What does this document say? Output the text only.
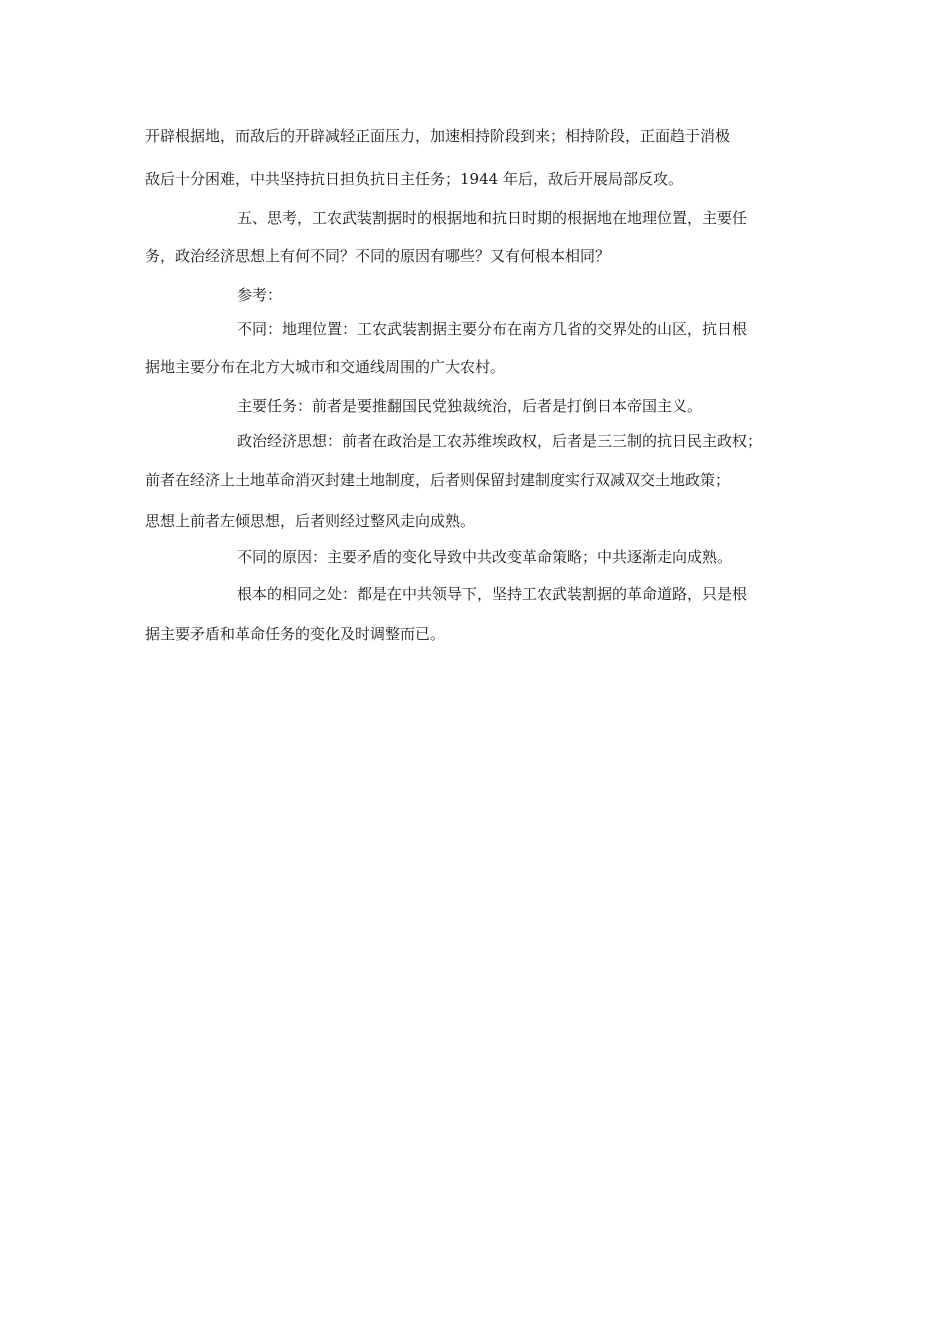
开辟根据地，而敌后的开辟减轻正面压力，加速相持阶段到来；相持阶段，正面趋于消极
敌后十分困难，中共坚持抗日担负抗日主任务；1944 年后，敌后开展局部反攻。
五、思考，工农武装割据时的根据地和抗日时期的根据地在地理位置，主要任
务，政治经济思想上有何不同？不同的原因有哪些？又有何根本相同？
参考：
不同：地理位置：工农武装割据主要分布在南方几省的交界处的山区，抗日根
据地主要分布在北方大城市和交通线周围的广大农村。
主要任务：前者是要推翻国民党独裁统治，后者是打倒日本帝国主义。
政治经济思想：前者在政治是工农苏维埃政权，后者是三三制的抗日民主政权；
前者在经济上土地革命消灭封建土地制度，后者则保留封建制度实行双减双交土地政策；
思想上前者左倾思想，后者则经过整风走向成熟。
不同的原因：主要矛盾的变化导致中共改变革命策略；中共逐渐走向成熟。
根本的相同之处：都是在中共领导下，坚持工农武装割据的革命道路，只是根
据主要矛盾和革命任务的变化及时调整而已。
